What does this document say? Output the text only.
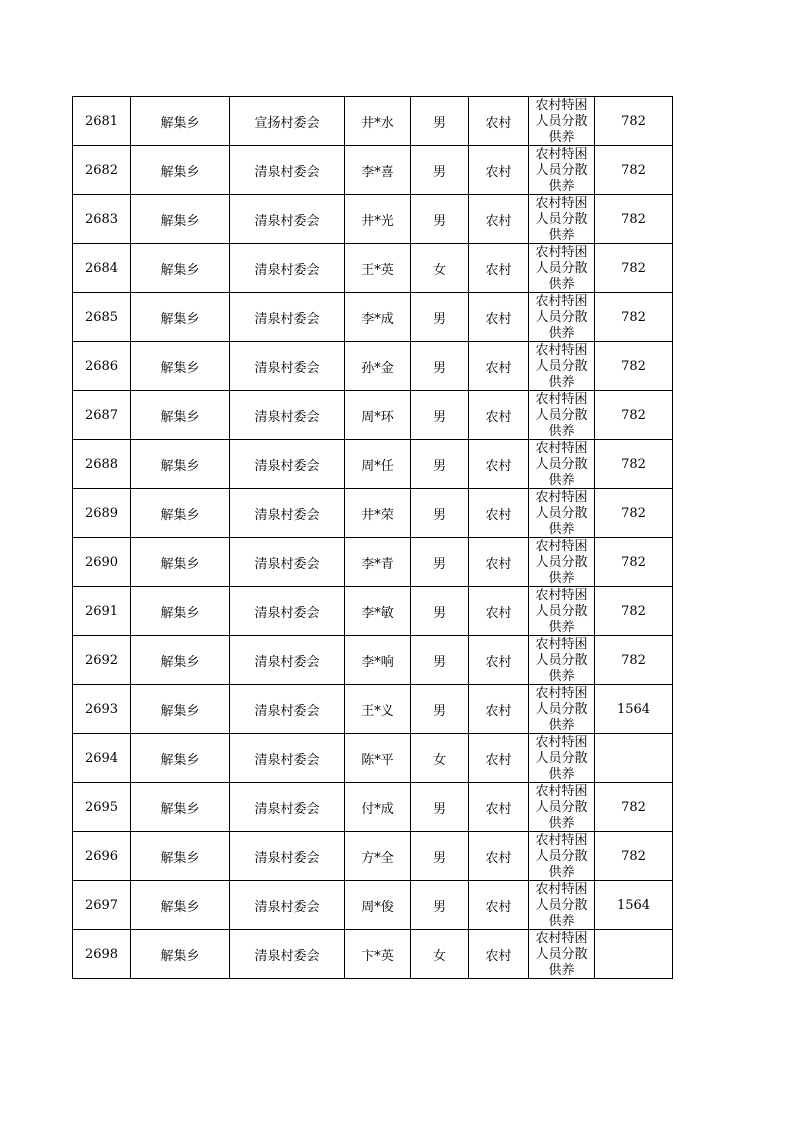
2681	解集乡	宣扬村委会	井*水	男	农村	农村特困人员分散供养	782
2682	解集乡	清泉村委会	李*喜	男	农村	农村特困人员分散供养	782
2683	解集乡	清泉村委会	井*光	男	农村	农村特困人员分散供养	782
2684	解集乡	清泉村委会	王*英	女	农村	农村特困人员分散供养	782
2685	解集乡	清泉村委会	李*成	男	农村	农村特困人员分散供养	782
2686	解集乡	清泉村委会	孙*金	男	农村	农村特困人员分散供养	782
2687	解集乡	清泉村委会	周*环	男	农村	农村特困人员分散供养	782
2688	解集乡	清泉村委会	周*任	男	农村	农村特困人员分散供养	782
2689	解集乡	清泉村委会	井*荣	男	农村	农村特困人员分散供养	782
2690	解集乡	清泉村委会	李*青	男	农村	农村特困人员分散供养	782
2691	解集乡	清泉村委会	李*敏	男	农村	农村特困人员分散供养	782
2692	解集乡	清泉村委会	李*响	男	农村	农村特困人员分散供养	782
2693	解集乡	清泉村委会	王*义	男	农村	农村特困人员分散供养	1564
2694	解集乡	清泉村委会	陈*平	女	农村	农村特困人员分散供养	

2695	解集乡	清泉村委会	付*成	男	农村	农村特困人员分散供养	782
2696	解集乡	清泉村委会	方*全	男	农村	农村特困人员分散供养	782
2697	解集乡	清泉村委会	周*俊	男	农村	农村特困人员分散供养	1564
2698	解集乡	清泉村委会	卞*英	女	农村	农村特困人员分散供养	
